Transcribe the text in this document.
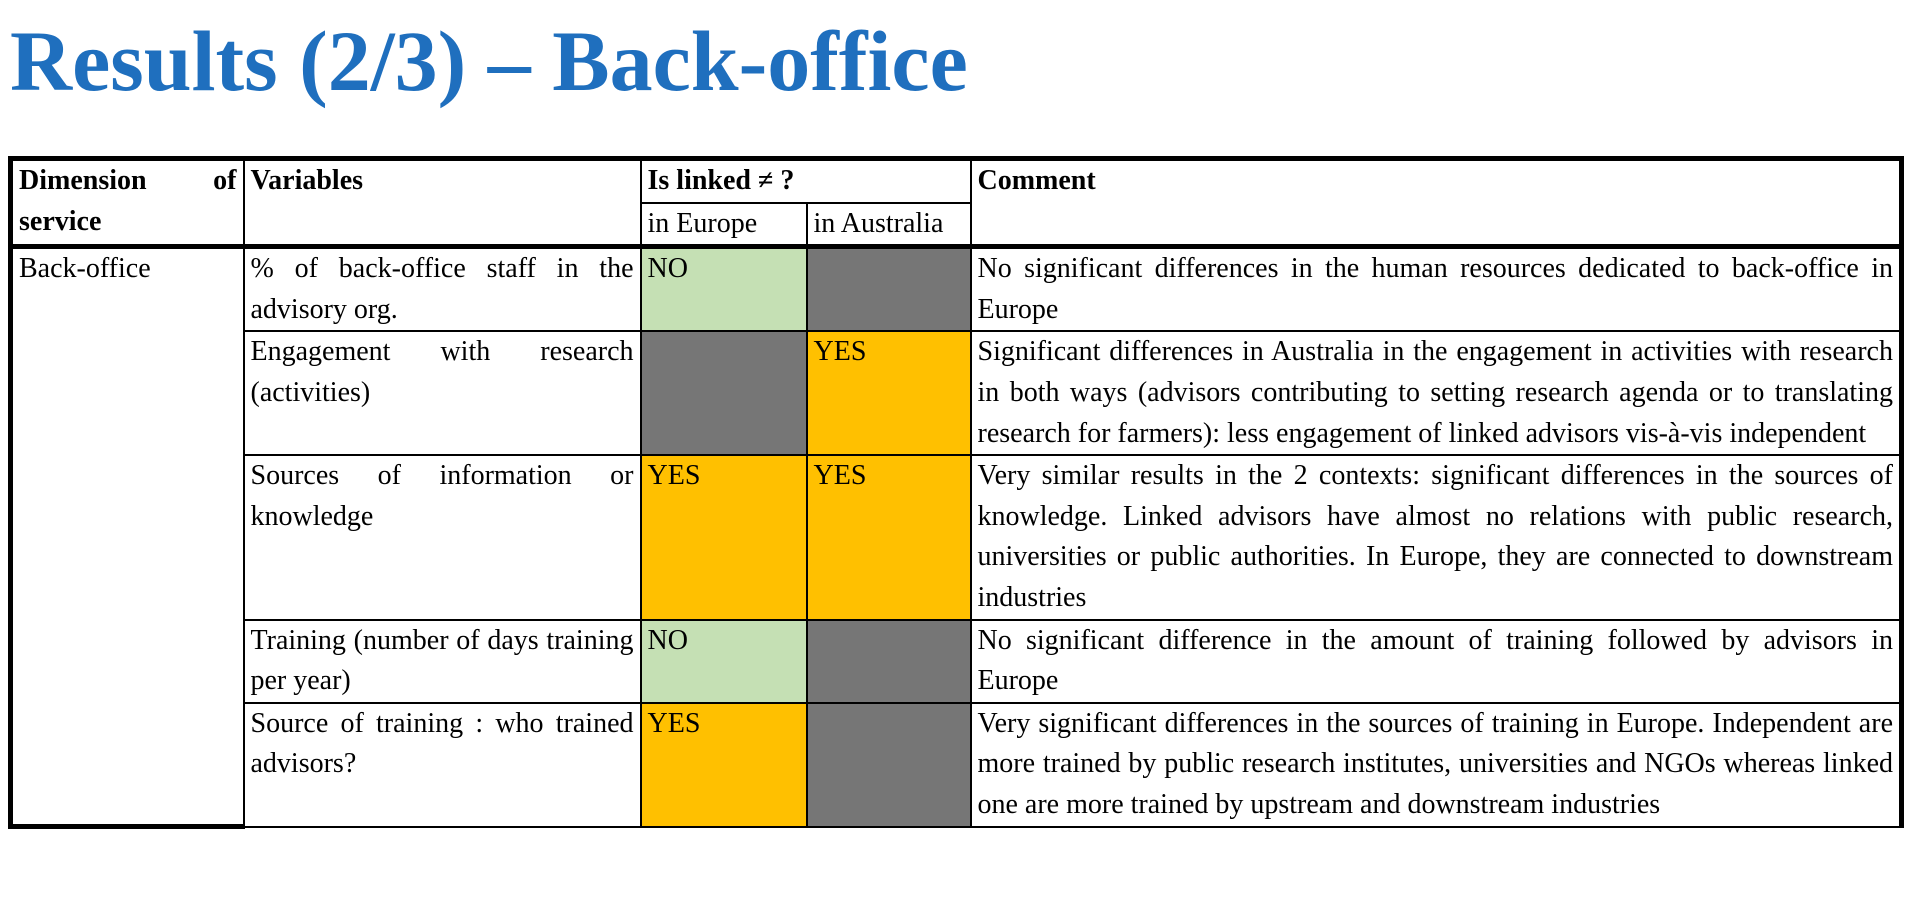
Results (2/3) – Back-office
Dimension of service	Variables	Is linked ≠ ?		Comment
		in Europe	in Australia	
Back-office	% of back-office staff in the advisory org.	NO		No significant differences in the human resources dedicated to back-office in Europe
	Engagement with research (activities)		YES	Significant differences in Australia in the engagement in activities with research in both ways (advisors contributing to setting research agenda or to translating research for farmers): less engagement of linked advisors vis-à-vis independent
	Sources of information or knowledge	YES	YES	Very similar results in the 2 contexts: significant differences in the sources of knowledge. Linked advisors have almost no relations with public research, universities or public authorities. In Europe, they are connected to downstream industries
	Training (number of days training per year)	NO		No significant difference in the amount of training followed by advisors in Europe
	Source of training : who trained advisors?	YES		Very significant differences in the sources of training in Europe. Independent are more trained by public research institutes, universities and NGOs whereas linked one are more trained by upstream and downstream industries
